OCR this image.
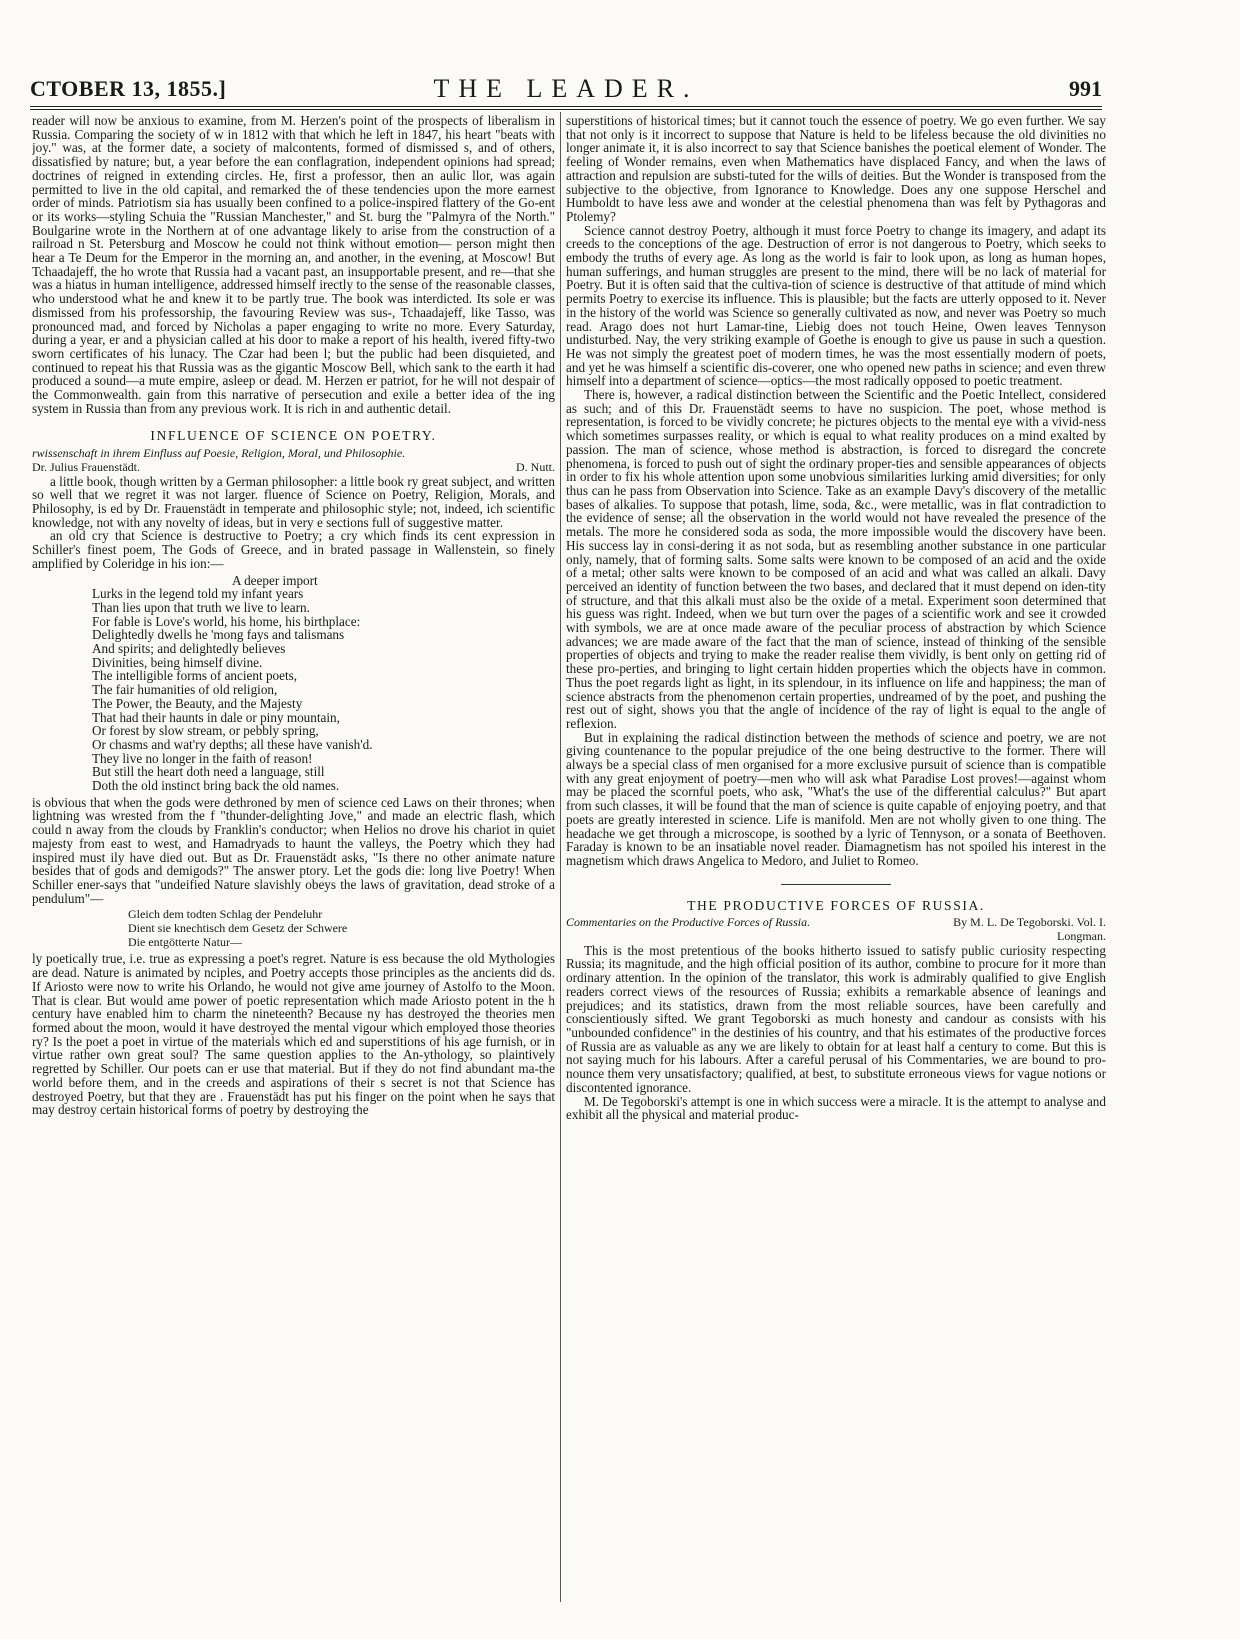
CTOBER 13, 1855.]	THE LEADER.	991

reader will now be anxious to examine, from M. Herzen's point of the prospects of liberalism in Russia. Comparing the society of w in 1812 with that which he left in 1847, his heart "beats with joy." was, at the former date, a society of malcontents, formed of dismissed s, and of others, dissatisfied by nature; but, a year before the ean conflagration, independent opinions had spread; doctrines of reigned in extending circles. He, first a professor, then an aulic llor, was again permitted to live in the old capital, and remarked the of these tendencies upon the more earnest order of minds. Patriotism sia has usually been confined to a police-inspired flattery of the Go-ent or its works—styling Schuia the "Russian Manchester," and St. burg the "Palmyra of the North." Boulgarine wrote in the Northern at of one advantage likely to arise from the construction of a railroad n St. Petersburg and Moscow he could not think without emotion— person might then hear a Te Deum for the Emperor in the morning an, and another, in the evening, at Moscow! But Tchaadajeff, the ho wrote that Russia had a vacant past, an insupportable present, and re—that she was a hiatus in human intelligence, addressed himself irectly to the sense of the reasonable classes, who understood what he and knew it to be partly true. The book was interdicted. Its sole er was dismissed from his professorship, the favouring Review was sus-, Tchaadajeff, like Tasso, was pronounced mad, and forced by Nicholas a paper engaging to write no more. Every Saturday, during a year, er and a physician called at his door to make a report of his health, ivered fifty-two sworn certificates of his lunacy. The Czar had been l; but the public had been disquieted, and continued to repeat his that Russia was as the gigantic Moscow Bell, which sank to the earth it had produced a sound—a mute empire, asleep or dead. M. Herzen er patriot, for he will not despair of the Commonwealth. gain from this narrative of persecution and exile a better idea of the ing system in Russia than from any previous work. It is rich in and authentic detail.

INFLUENCE OF SCIENCE ON POETRY.
rwissenschaft in ihrem Einfluss auf Poesie, Religion, Moral, und Philosophie.
Dr. Julius Frauenstädt.	D. Nutt.

a little book, though written by a German philosopher: a little book ry great subject, and written so well that we regret it was not larger. fluence of Science on Poetry, Religion, Morals, and Philosophy, is ed by Dr. Frauenstädt in temperate and philosophic style; not, indeed, ich scientific knowledge, not with any novelty of ideas, but in very e sections full of suggestive matter.

an old cry that Science is destructive to Poetry; a cry which finds its cent expression in Schiller's finest poem, The Gods of Greece, and in brated passage in Wallenstein, so finely amplified by Coleridge in his ion:—

A deeper import
Lurks in the legend told my infant years
Than lies upon that truth we live to learn.
For fable is Love's world, his home, his birthplace:
Delightedly dwells he 'mong fays and talismans
And spirits; and delightedly believes
Divinities, being himself divine.
The intelligible forms of ancient poets,
The fair humanities of old religion,
The Power, the Beauty, and the Majesty
That had their haunts in dale or piny mountain,
Or forest by slow stream, or pebbly spring,
Or chasms and wat'ry depths; all these have vanish'd.
They live no longer in the faith of reason!
But still the heart doth need a language, still
Doth the old instinct bring back the old names.

is obvious that when the gods were dethroned by men of science ced Laws on their thrones; when lightning was wrested from the f "thunder-delighting Jove," and made an electric flash, which could n away from the clouds by Franklin's conductor; when Helios no drove his chariot in quiet majesty from east to west, and Hamadryads to haunt the valleys, the Poetry which they had inspired must ily have died out. But as Dr. Frauenstädt asks, "Is there no other animate nature besides that of gods and demigods?" The answer ptory. Let the gods die: long live Poetry! When Schiller ener-says that "undeified Nature slavishly obeys the laws of gravitation, dead stroke of a pendulum"—

Gleich dem todten Schlag der Pendeluhr
Dient sie knechtisch dem Gesetz der Schwere
Die entgötterte Natur—

ly poetically true, i.e. true as expressing a poet's regret. Nature is ess because the old Mythologies are dead. Nature is animated by nciples, and Poetry accepts those principles as the ancients did ds. If Ariosto were now to write his Orlando, he would not give ame journey of Astolfo to the Moon. That is clear. But would ame power of poetic representation which made Ariosto potent in the h century have enabled him to charm the nineteenth? Because ny has destroyed the theories men formed about the moon, would it have destroyed the mental vigour which employed those theories ry? Is the poet a poet in virtue of the materials which ed and superstitions of his age furnish, or in virtue rather own great soul? The same question applies to the An-ythology, so plaintively regretted by Schiller. Our poets can er use that material. But if they do not find abundant ma-the world before them, and in the creeds and aspirations of their s secret is not that Science has destroyed Poetry, but that they are . Frauenstädt has put his finger on the point when he says that may destroy certain historical forms of poetry by destroying the

superstitions of historical times; but it cannot touch the essence of poetry. We go even further. We say that not only is it incorrect to suppose that Nature is held to be lifeless because the old divinities no longer animate it, it is also incorrect to say that Science banishes the poetical element of Wonder. The feeling of Wonder remains, even when Mathematics have displaced Fancy, and when the laws of attraction and repulsion are substi-tuted for the wills of deities. But the Wonder is transposed from the subjective to the objective, from Ignorance to Knowledge. Does any one suppose Herschel and Humboldt to have less awe and wonder at the celestial phenomena than was felt by Pythagoras and Ptolemy?

Science cannot destroy Poetry, although it must force Poetry to change its imagery, and adapt its creeds to the conceptions of the age. Destruction of error is not dangerous to Poetry, which seeks to embody the truths of every age. As long as the world is fair to look upon, as long as human hopes, human sufferings, and human struggles are present to the mind, there will be no lack of material for Poetry. But it is often said that the cultiva-tion of science is destructive of that attitude of mind which permits Poetry to exercise its influence. This is plausible; but the facts are utterly opposed to it. Never in the history of the world was Science so generally cultivated as now, and never was Poetry so much read. Arago does not hurt Lamar-tine, Liebig does not touch Heine, Owen leaves Tennyson undisturbed. Nay, the very striking example of Goethe is enough to give us pause in such a question. He was not simply the greatest poet of modern times, he was the most essentially modern of poets, and yet he was himself a scientific dis-coverer, one who opened new paths in science; and even threw himself into a department of science—optics—the most radically opposed to poetic treatment.

There is, however, a radical distinction between the Scientific and the Poetic Intellect, considered as such; and of this Dr. Frauenstädt seems to have no suspicion. The poet, whose method is representation, is forced to be vividly concrete; he pictures objects to the mental eye with a vivid-ness which sometimes surpasses reality, or which is equal to what reality produces on a mind exalted by passion. The man of science, whose method is abstraction, is forced to disregard the concrete phenomena, is forced to push out of sight the ordinary proper-ties and sensible appearances of objects in order to fix his whole attention upon some unobvious similarities lurking amid diversities; for only thus can he pass from Observation into Science. Take as an example Davy's discovery of the metallic bases of alkalies. To suppose that potash, lime, soda, &c., were metallic, was in flat contradiction to the evidence of sense; all the observation in the world would not have revealed the presence of the metals. The more he considered soda as soda, the more impossible would the discovery have been. His success lay in consi-dering it as not soda, but as resembling another substance in one particular only, namely, that of forming salts. Some salts were known to be composed of an acid and the oxide of a metal; other salts were known to be composed of an acid and what was called an alkali. Davy perceived an identity of function between the two bases, and declared that it must depend on iden-tity of structure, and that this alkali must also be the oxide of a metal. Experiment soon determined that his guess was right. Indeed, when we but turn over the pages of a scientific work and see it crowded with symbols, we are at once made aware of the peculiar process of abstraction by which Science advances; we are made aware of the fact that the man of science, instead of thinking of the sensible properties of objects and trying to make the reader realise them vividly, is bent only on getting rid of these pro-perties, and bringing to light certain hidden properties which the objects have in common. Thus the poet regards light as light, in its splendour, in its influence on life and happiness; the man of science abstracts from the phenomenon certain properties, undreamed of by the poet, and pushing the rest out of sight, shows you that the angle of incidence of the ray of light is equal to the angle of reflexion.

But in explaining the radical distinction between the methods of science and poetry, we are not giving countenance to the popular prejudice of the one being destructive to the former. There will always be a special class of men organised for a more exclusive pursuit of science than is compatible with any great enjoyment of poetry—men who will ask what Paradise Lost proves!—against whom may be placed the scornful poets, who ask, "What's the use of the differential calculus?" But apart from such classes, it will be found that the man of science is quite capable of enjoying poetry, and that poets are greatly interested in science. Life is manifold. Men are not wholly given to one thing. The headache we get through a microscope, is soothed by a lyric of Tennyson, or a sonata of Beethoven. Faraday is known to be an insatiable novel reader. Diamagnetism has not spoiled his interest in the magnetism which draws Angelica to Medoro, and Juliet to Romeo.

THE PRODUCTIVE FORCES OF RUSSIA.
Commentaries on the Productive Forces of Russia.	By M. L. De Tegoborski. Vol. I.
Longman.

This is the most pretentious of the books hitherto issued to satisfy public curiosity respecting Russia; its magnitude, and the high official position of its author, combine to procure for it more than ordinary attention. In the opinion of the translator, this work is admirably qualified to give English readers correct views of the resources of Russia; exhibits a remarkable absence of leanings and prejudices; and its statistics, drawn from the most reliable sources, have been carefully and conscientiously sifted. We grant Tegoborski as much honesty and candour as consists with his "unbounded confidence" in the destinies of his country, and that his estimates of the productive forces of Russia are as valuable as any we are likely to obtain for at least half a century to come. But this is not saying much for his labours. After a careful perusal of his Commentaries, we are bound to pro-nounce them very unsatisfactory; qualified, at best, to substitute erroneous views for vague notions or discontented ignorance.

M. De Tegoborski's attempt is one in which success were a miracle. It is the attempt to analyse and exhibit all the physical and material produc-
